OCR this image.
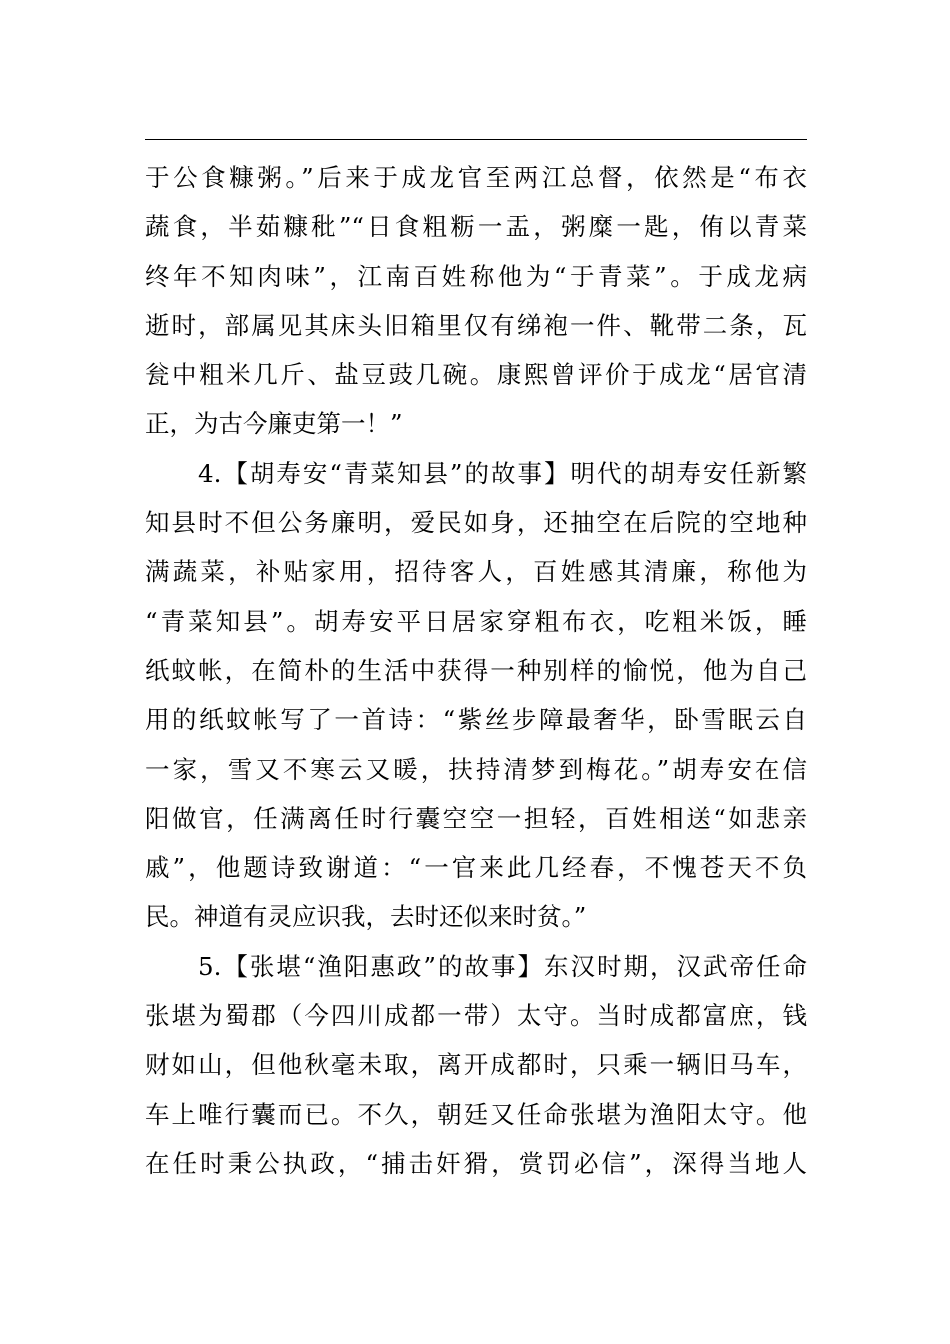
于公食糠粥。”后来于成龙官至两江总督，依然是“布衣
蔬食，半茹糠秕”“日食粗粝一盂，粥糜一匙，侑以青菜
终年不知肉味”，江南百姓称他为“于青菜”。于成龙病
逝时，部属见其床头旧箱里仅有绨袍一件、靴带二条，瓦
瓮中粗米几斤、盐豆豉几碗。康熙曾评价于成龙“居官清
正，为古今廉吏第一！”
　　4.【胡寿安“青菜知县”的故事】明代的胡寿安任新繁
知县时不但公务廉明，爱民如身，还抽空在后院的空地种
满蔬菜，补贴家用，招待客人，百姓感其清廉，称他为
“青菜知县”。胡寿安平日居家穿粗布衣，吃粗米饭，睡
纸蚊帐，在简朴的生活中获得一种别样的愉悦，他为自己
用的纸蚊帐写了一首诗：“紫丝步障最奢华，卧雪眠云自
一家，雪又不寒云又暖，扶持清梦到梅花。”胡寿安在信
阳做官，任满离任时行囊空空一担轻，百姓相送“如悲亲
戚”，他题诗致谢道：“一官来此几经春，不愧苍天不负
民。神道有灵应识我，去时还似来时贫。”
　　5.【张堪“渔阳惠政”的故事】东汉时期，汉武帝任命
张堪为蜀郡（今四川成都一带）太守。当时成都富庶，钱
财如山，但他秋毫未取，离开成都时，只乘一辆旧马车，
车上唯行囊而已。不久，朝廷又任命张堪为渔阳太守。他
在任时秉公执政，“捕击奸猾，赏罚必信”，深得当地人
